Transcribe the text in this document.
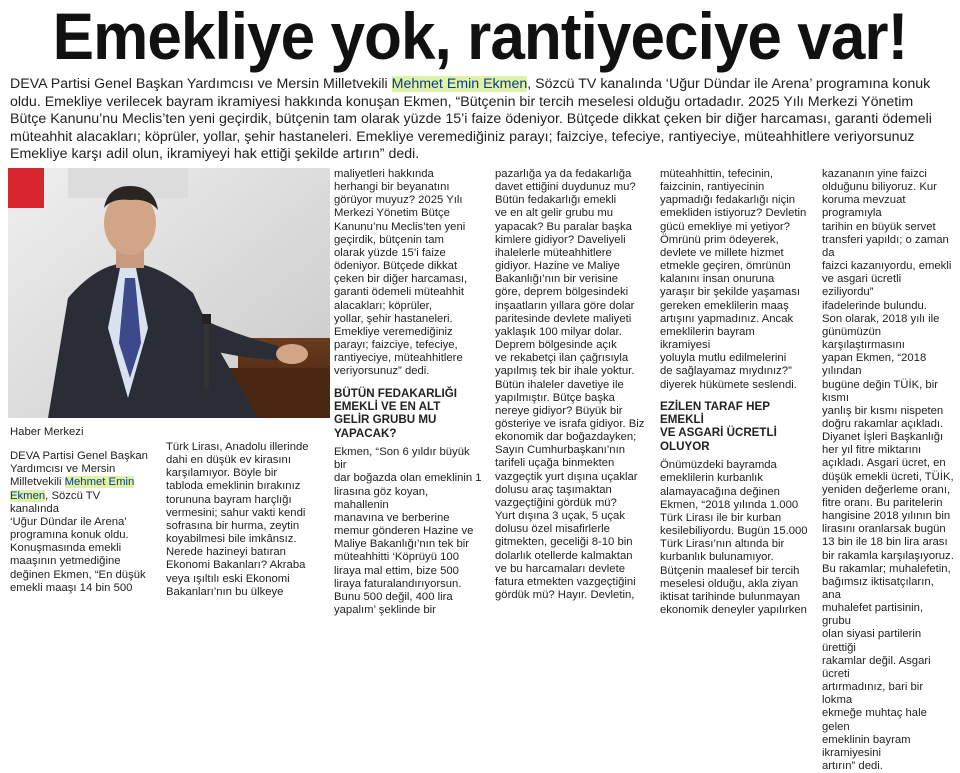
Emekliye yok, rantiyeciye var!
DEVA Partisi Genel Başkan Yardımcısı ve Mersin Milletvekili Mehmet Emin Ekmen, Sözcü TV kanalında ‘Uğur Dündar ile Arena’ programına konuk oldu. Emekliye verilecek bayram ikramiyesi hakkında konuşan Ekmen, “Bütçenin bir tercih meselesi olduğu ortadadır. 2025 Yılı Merkezi Yönetim Bütçe Kanunu’nu Meclis’ten yeni geçirdik, bütçenin tam olarak yüzde 15’i faize ödeniyor. Bütçede dikkat çeken bir diğer harcaması, garanti ödemeli müteahhit alacakları; köprüler, yollar, şehir hastaneleri. Emekliye veremediğiniz parayı; faizciye, tefeciye, rantiyeciye, müteahhitlere veriyorsunuz Emekliye karşı adil olun, ikramiyeyi hak ettiği şekilde artırın” dedi.

Haber Merkezi

DEVA Partisi Genel Başkan
Yardımcısı ve Mersin
Milletvekili Mehmet Emin
Ekmen, Sözcü TV kanalında
‘Uğur Dündar ile Arena’
programına konuk oldu.
Konuşmasında emekli
maaşının yetmediğine
değinen Ekmen, “En düşük
emekli maaşı 14 bin 500

Türk Lirası, Anadolu illerinde
dahi en düşük ev kirasını
karşılamıyor. Böyle bir
tabloda emeklinin bırakınız
torununa bayram harçlığı
vermesini; sahur vakti kendi
sofrasına bir hurma, zeytin
koyabilmesi bile imkânsız.
Nerede hazineyi batıran
Ekonomi Bakanları? Akraba
veya ışıltılı eski Ekonomi
Bakanları’nın bu ülkeye

maliyetleri hakkında
herhangi bir beyanatını
görüyor muyuz? 2025 Yılı
Merkezi Yönetim Bütçe
Kanunu’nu Meclis’ten yeni
geçirdik, bütçenin tam
olarak yüzde 15’i faize
ödeniyor. Bütçede dikkat
çeken bir diğer harcaması,
garanti ödemeli müteahhit
alacakları; köprüler,
yollar, şehir hastaneleri.
Emekliye veremediğiniz
parayı; faizciye, tefeciye,
rantiyeciye, müteahhitlere
veriyorsunuz” dedi.

BÜTÜN FEDAKARLIĞI
EMEKLİ VE EN ALT
GELİR GRUBU MU
YAPACAK?

Ekmen, “Son 6 yıldır büyük bir
dar boğazda olan emeklinin 1
lirasına göz koyan, mahallenin
manavına ve berberine
memur gönderen Hazine ve
Maliye Bakanlığı’nın tek bir
müteahhitti ‘Köprüyü 100
liraya mal ettim, bize 500
liraya faturalandırıyorsun.
Bunu 500 değil, 400 lira
yapalım’ şeklinde bir

pazarlığa ya da fedakarlığa
davet ettiğini duydunuz mu?
Bütün fedakarlığı emekli
ve en alt gelir grubu mu
yapacak? Bu paralar başka
kimlere gidiyor? Daveliyeli
ihalelerle müteahhitlere
gidiyor. Hazine ve Maliye
Bakanlığı’nın bir verisine
göre, deprem bölgesindeki
inşaatların yıllara göre dolar
paritesinde devlete maliyeti
yaklaşık 100 milyar dolar.
Deprem bölgesinde açık
ve rekabetçi ilan çağrısıyla
yapılmış tek bir ihale yoktur.
Bütün ihaleler davetiye ile
yapılmıştır. Bütçe başka
nereye gidiyor? Büyük bir
gösteriye ve israfa gidiyor. Biz
ekonomik dar boğazdayken;
Sayın Cumhurbaşkanı’nın
tarifeli uçağa binmekten
vazgeçtik yurt dışına uçaklar
dolusu araç taşımaktan
vazgeçtiğini gördük mü?
Yurt dışına 3 uçak, 5 uçak
dolusu özel misafirlerle
gitmekten, geceliği 8-10 bin
dolarlık otellerde kalmaktan
ve bu harcamaları devlete
fatura etmekten vazgeçtiğini
gördük mü? Hayır. Devletin,

müteahhittin, tefecinin,
faizcinin, rantiyecinin
yapmadığı fedakarlığı niçin
emekliden istiyoruz? Devletin
gücü emekliye mi yetiyor?
Ömrünü prim ödeyerek,
devlete ve millete hizmet
etmekle geçiren, ömrünün
kalanını insan onuruna
yaraşır bir şekilde yaşaması
gereken emeklilerin maaş
artışını yapmadınız. Ancak
emeklilerin bayram ikramiyesi
yoluyla mutlu edilmelerini
de sağlayamaz mıydınız?”
diyerek hükümete seslendi.

EZİLEN TARAF HEP EMEKLİ
VE ASGARİ ÜCRETLİ
OLUYOR

Önümüzdeki bayramda
emeklilerin kurbanlık
alamayacağına değinen
Ekmen, “2018 yılında 1.000
Türk Lirası ile bir kurban
kesilebiliyordu. Bugün 15.000
Türk Lirası’nın altında bir
kurbanlık bulunamıyor.
Bütçenin maalesef bir tercih
meselesi olduğu, akla ziyan
iktisat tarihinde bulunmayan
ekonomik deneyler yapılırken

kazananın yine faizci
olduğunu biliyoruz. Kur
koruma mevzuat programıyla
tarihin en büyük servet
transferi yapıldı; o zaman da
faizci kazanıyordu, emekli
ve asgari ücretli eziliyordu”
ifadelerinde bulundu.
Son olarak, 2018 yılı ile
günümüzün karşılaştırmasını
yapan Ekmen, “2018 yılından
bugüne değin TÜİK, bir kısmı
yanlış bir kısmı nispeten
doğru rakamlar açıkladı.
Diyanet İşleri Başkanlığı
her yıl fitre miktarını
açıkladı. Asgari ücret, en
düşük emekli ücreti, TÜİK,
yeniden değerleme oranı,
fitre oranı. Bu paritelerin
hangisine 2018 yılının bin
lirasını oranlarsak bugün
13 bin ile 18 bin lira arası
bir rakamla karşılaşıyoruz.
Bu rakamlar; muhalefetin,
bağımsız iktisatçıların, ana
muhalefet partisinin, grubu
olan siyasi partilerin ürettiği
rakamlar değil. Asgari ücreti
artırmadınız, bari bir lokma
ekmeğe muhtaç hale gelen
emeklinin bayram ikramiyesini
artırın” dedi.
